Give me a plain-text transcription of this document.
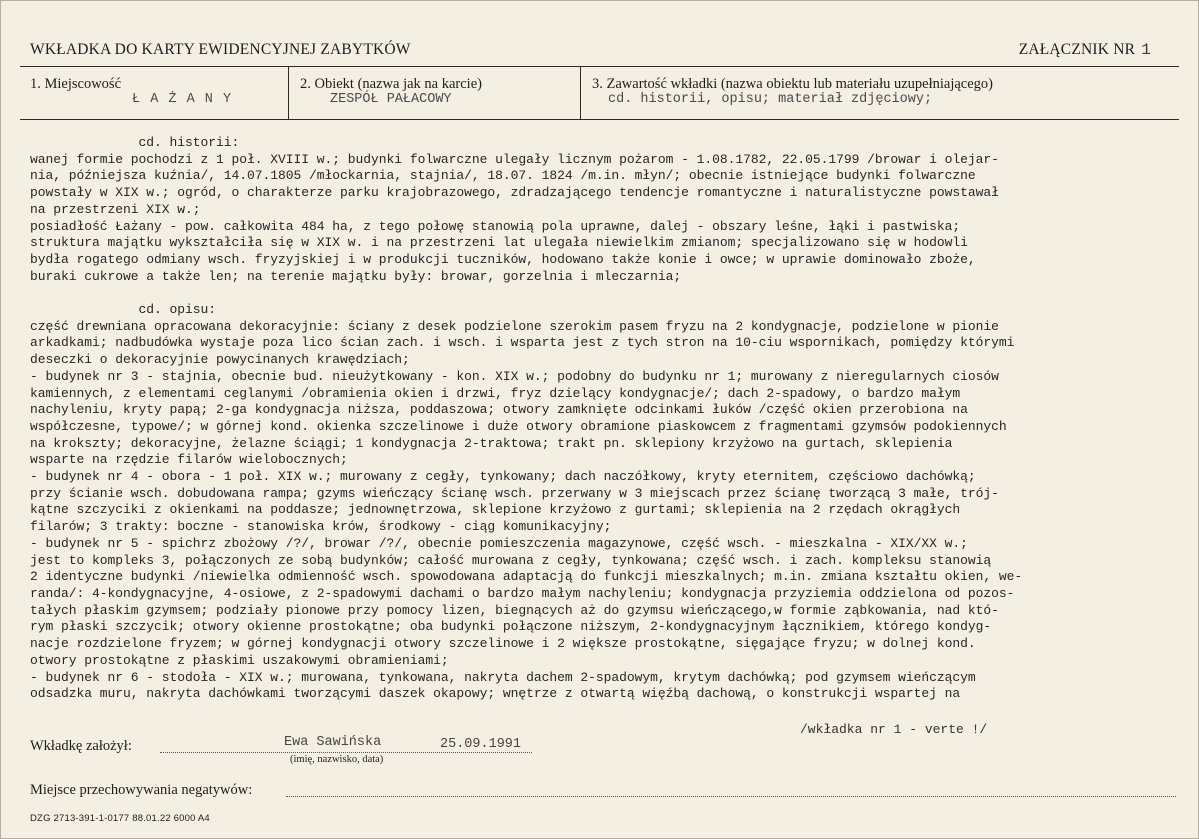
WKŁADKA DO KARTY EWIDENCYJNEJ ZABYTKÓW	ZAŁĄCZNIK NR 1
1. Miejscowość
Ł A Ż A N Y
2. Obiekt (nazwa jak na karcie)
ZESPÓŁ PAŁACOWY
3. Zawartość wkładki (nazwa obiektu lub materiału uzupełniającego)
cd. historii, opisu; materiał zdjęciowy;
cd. historii:
wanej formie pochodzi z 1 poł. XVIII w.; budynki folwarczne ulegały licznym pożarom - 1.08.1782, 22.05.1799 /browar i olejar-
nia, późniejsza kuźnia/, 14.07.1805 /młockarnia, stajnia/, 18.07. 1824 /m.in. młyn/; obecnie istniejące budynki folwarczne
powstały w XIX w.; ogród, o charakterze parku krajobrazowego, zdradzającego tendencje romantyczne i naturalistyczne powstawał
na przestrzeni XIX w.;
posiadłość Łażany - pow. całkowita 484 ha, z tego połowę stanowią pola uprawne, dalej - obszary leśne, łąki i pastwiska;
struktura majątku wykształciła się w XIX w. i na przestrzeni lat ulegała niewielkim zmianom; specjalizowano się w hodowli
bydła rogatego odmiany wsch. fryzyjskiej i w produkcji tuczników, hodowano także konie i owce; w uprawie dominowało zboże,
buraki cukrowe a także len; na terenie majątku były: browar, gorzelnia i mleczarnia;

cd. opisu:
część drewniana opracowana dekoracyjnie: ściany z desek podzielone szerokim pasem fryzu na 2 kondygnacje, podzielone w pionie
arkadkami; nadbudówka wystaje poza lico ścian zach. i wsch. i wsparta jest z tych stron na 10-ciu wspornikach, pomiędzy którymi
deseczki o dekoracyjnie powycinanych krawędziach;
- budynek nr 3 - stajnia, obecnie bud. nieużytkowany - kon. XIX w.; podobny do budynku nr 1; murowany z nieregularnych ciosów
kamiennych, z elementami ceglanymi /obramienia okien i drzwi, fryz dzielący kondygnacje/; dach 2-spadowy, o bardzo małym
nachyleniu, kryty papą; 2-ga kondygnacja niższa, poddaszowa; otwory zamknięte odcinkami łuków /część okien przerobiona na
współczesne, typowe/; w górnej kond. okienka szczelinowe i duże otwory obramione piaskowcem z fragmentami gzymsów podokiennych
na krokszty; dekoracyjne, żelazne ściągi; 1 kondygnacja 2-traktowa; trakt pn. sklepiony krzyżowo na gurtach, sklepienia
wsparte na rzędzie filarów wielobocznych;
- budynek nr 4 - obora - 1 poł. XIX w.; murowany z cegły, tynkowany; dach naczółkowy, kryty eternitem, częściowo dachówką;
przy ścianie wsch. dobudowana rampa; gzyms wieńczący ścianę wsch. przerwany w 3 miejscach przez ścianę tworzącą 3 małe, trój-
kątne szczyciki z okienkami na poddasze; jednownętrzowa, sklepione krzyżowo z gurtami; sklepienia na 2 rzędach okrągłych
filarów; 3 trakty: boczne - stanowiska krów, środkowy - ciąg komunikacyjny;
- budynek nr 5 - spichrz zbożowy /?/, browar /?/, obecnie pomieszczenia magazynowe, część wsch. - mieszkalna - XIX/XX w.;
jest to kompleks 3, połączonych ze sobą budynków; całość murowana z cegły, tynkowana; część wsch. i zach. kompleksu stanowią
2 identyczne budynki /niewielka odmienność wsch. spowodowana adaptacją do funkcji mieszkalnych; m.in. zmiana kształtu okien, we-
randa/: 4-kondygnacyjne, 4-osiowe, z 2-spadowymi dachami o bardzo małym nachyleniu; kondygnacja przyziemia oddzielona od pozos-
tałych płaskim gzymsem; podziały pionowe przy pomocy lizen, biegnących aż do gzymsu wieńczącego,w formie ząbkowania, nad któ-
rym płaski szczycik; otwory okienne prostokątne; oba budynki połączone niższym, 2-kondygnacyjnym łącznikiem, którego kondyg-
nacje rozdzielone fryzem; w górnej kondygnacji otwory szczelinowe i 2 większe prostokątne, sięgające fryzu; w dolnej kond.
otwory prostokątne z płaskimi uszakowymi obramieniami;
- budynek nr 6 - stodoła - XIX w.; murowana, tynkowana, nakryta dachem 2-spadowym, krytym dachówką; pod gzymsem wieńczącym
odsadzka muru, nakryta dachówkami tworzącymi daszek okapowy; wnętrze z otwartą więźbą dachową, o konstrukcji wspartej na
/wkładka nr 1 - verte !/
Wkładkę założył:	Ewa Sawińska	25.09.1991
(imię, nazwisko, data)
Miejsce przechowywania negatywów:
DZG 2713-391-1-0177 88.01.22 6000 A4
